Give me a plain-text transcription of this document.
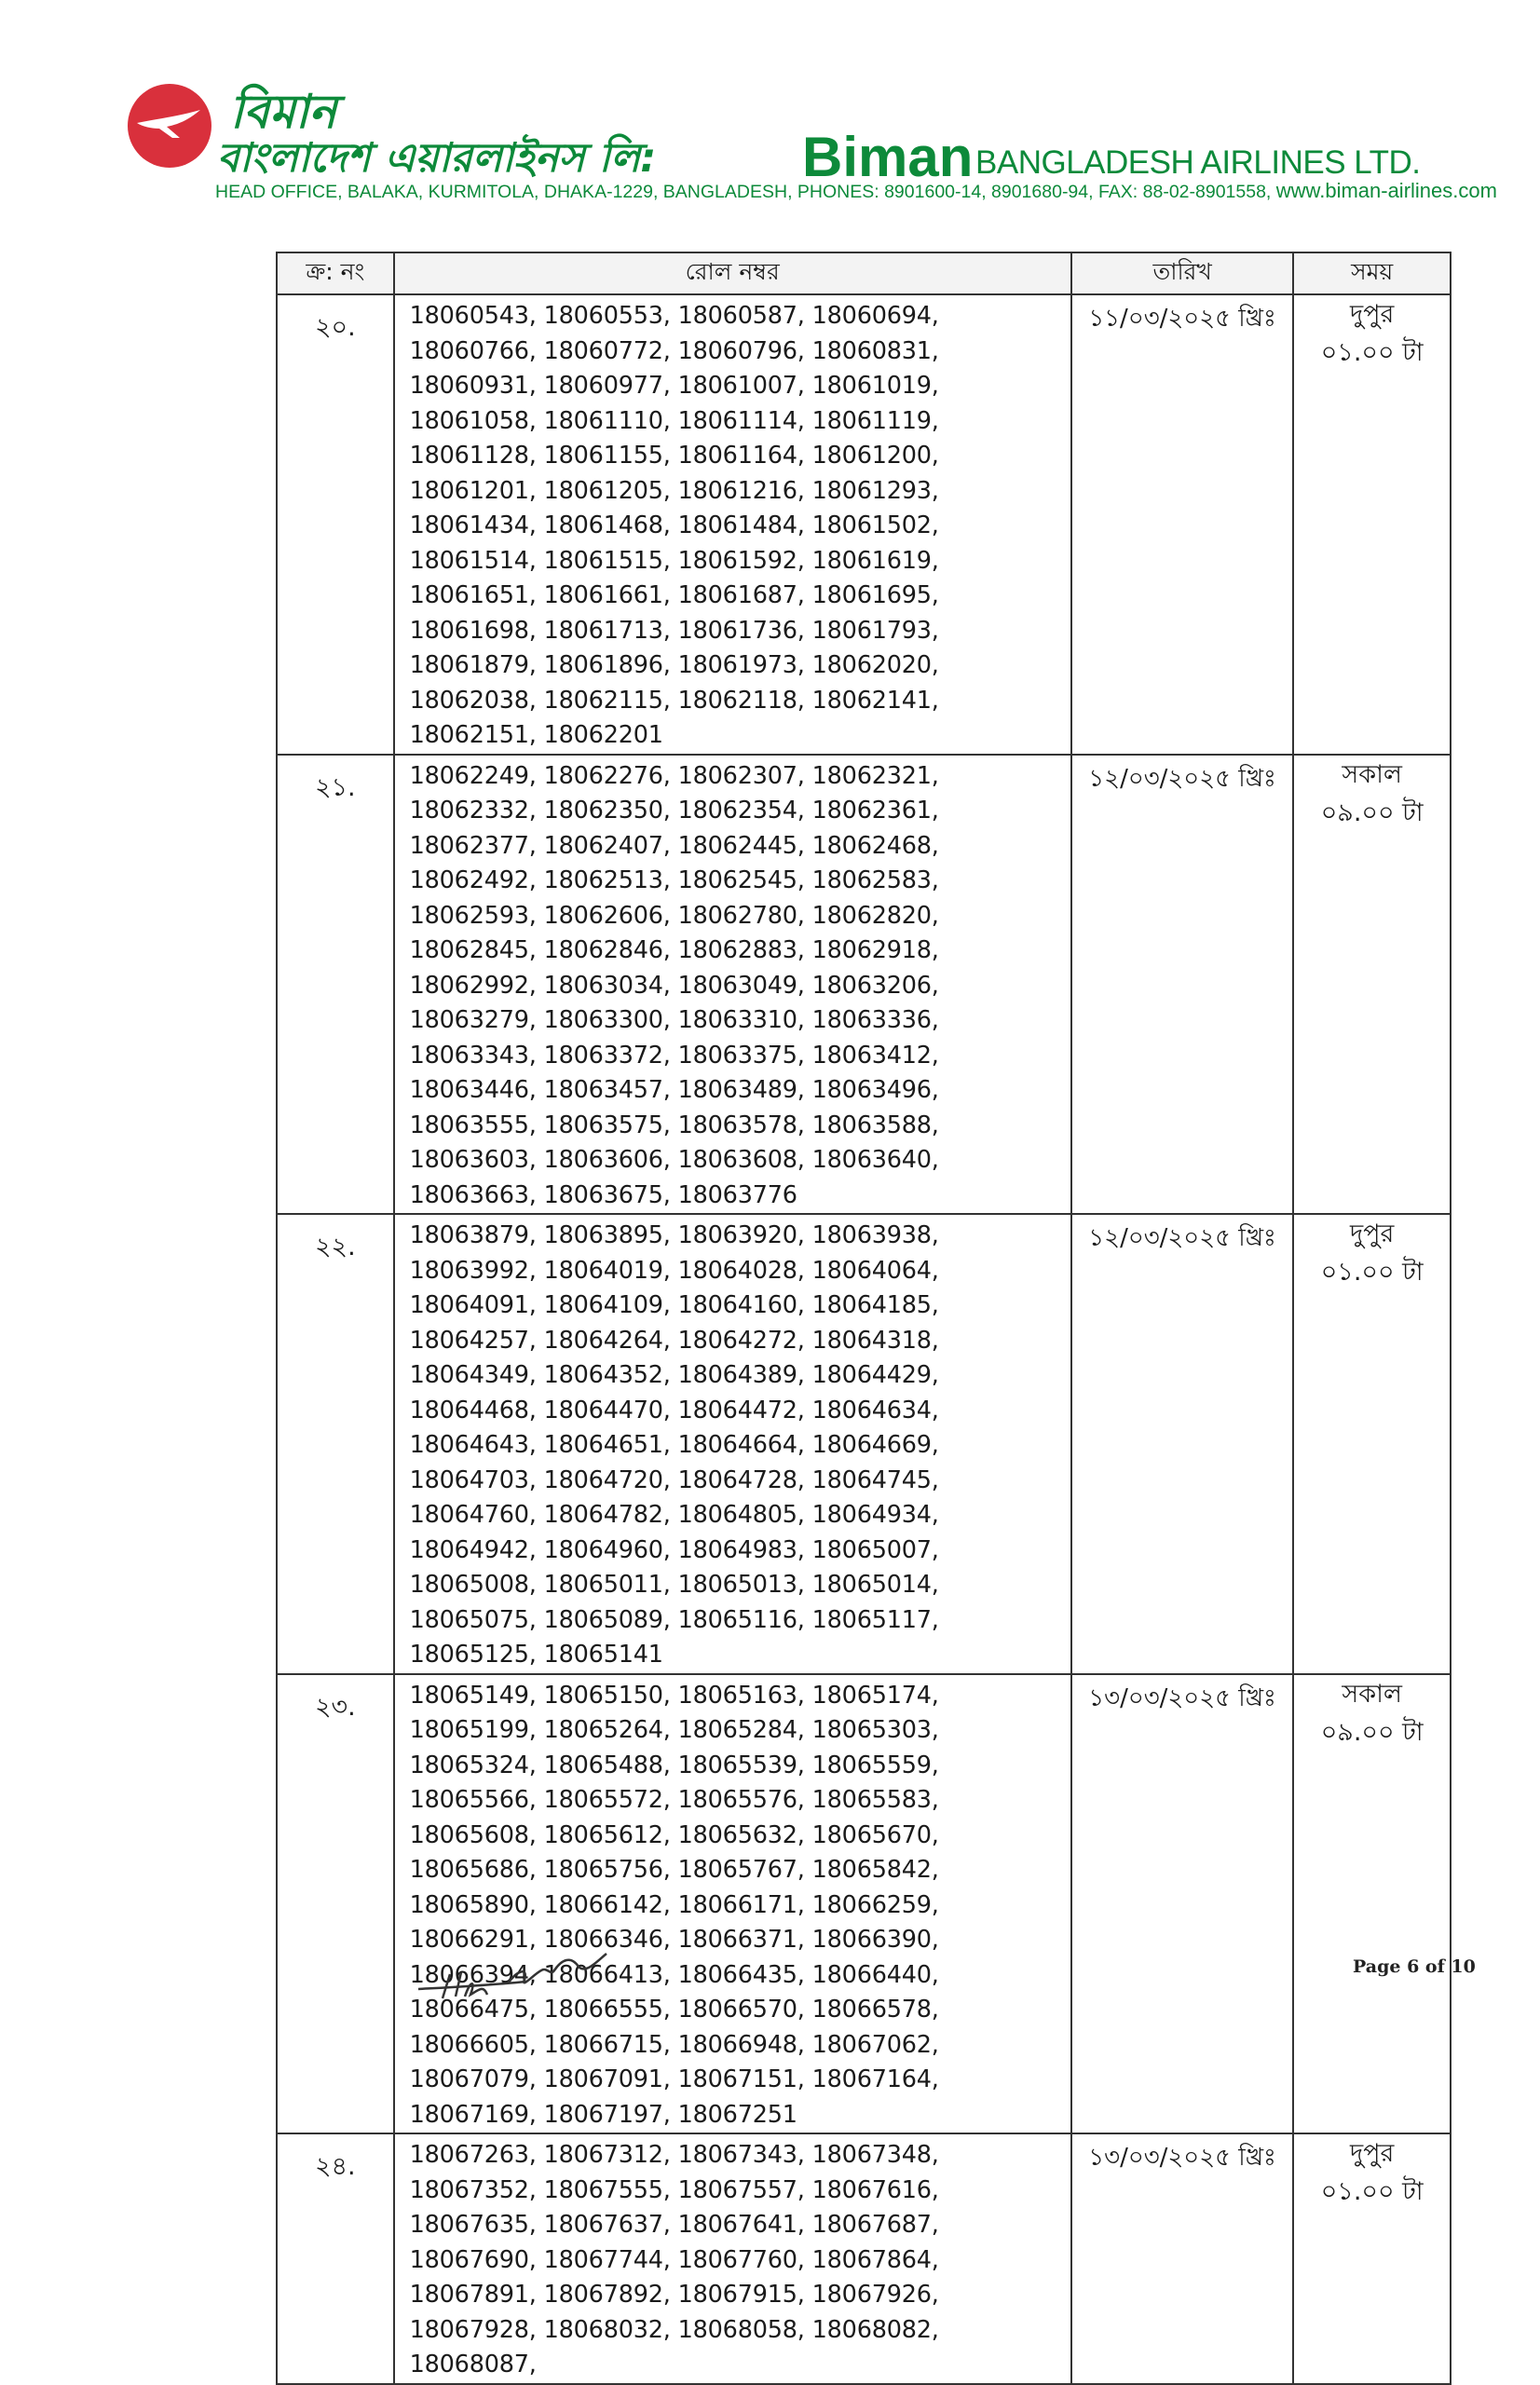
বিমান
বাংলাদেশ এয়ারলাইনস লি:	Biman BANGLADESH AIRLINES LTD.
HEAD OFFICE, BALAKA, KURMITOLA, DHAKA-1229, BANGLADESH, PHONES: 8901600-14, 8901680-94, FAX: 88-02-8901558, www.biman-airlines.com
ক্র: নং	রোল নম্বর	তারিখ	সময়
২০.	18060543, 18060553, 18060587, 18060694, 18060766, 18060772, 18060796, 18060831, 18060931, 18060977, 18061007, 18061019, 18061058, 18061110, 18061114, 18061119, 18061128, 18061155, 18061164, 18061200, 18061201, 18061205, 18061216, 18061293, 18061434, 18061468, 18061484, 18061502, 18061514, 18061515, 18061592, 18061619, 18061651, 18061661, 18061687, 18061695, 18061698, 18061713, 18061736, 18061793, 18061879, 18061896, 18061973, 18062020, 18062038, 18062115, 18062118, 18062141, 18062151, 18062201	১১/০৩/২০২৫ খ্রিঃ	দুপুর
০১.০০ টা

২১.	18062249, 18062276, 18062307, 18062321, 18062332, 18062350, 18062354, 18062361, 18062377, 18062407, 18062445, 18062468, 18062492, 18062513, 18062545, 18062583, 18062593, 18062606, 18062780, 18062820, 18062845, 18062846, 18062883, 18062918, 18062992, 18063034, 18063049, 18063206, 18063279, 18063300, 18063310, 18063336, 18063343, 18063372, 18063375, 18063412, 18063446, 18063457, 18063489, 18063496, 18063555, 18063575, 18063578, 18063588, 18063603, 18063606, 18063608, 18063640, 18063663, 18063675, 18063776	১২/০৩/২০২৫ খ্রিঃ	সকাল
০৯.০০ টা

২২.	18063879, 18063895, 18063920, 18063938, 18063992, 18064019, 18064028, 18064064, 18064091, 18064109, 18064160, 18064185, 18064257, 18064264, 18064272, 18064318, 18064349, 18064352, 18064389, 18064429, 18064468, 18064470, 18064472, 18064634, 18064643, 18064651, 18064664, 18064669, 18064703, 18064720, 18064728, 18064745, 18064760, 18064782, 18064805, 18064934, 18064942, 18064960, 18064983, 18065007, 18065008, 18065011, 18065013, 18065014, 18065075, 18065089, 18065116, 18065117, 18065125, 18065141	১২/০৩/২০২৫ খ্রিঃ	দুপুর
০১.০০ টা

২৩.	18065149, 18065150, 18065163, 18065174, 18065199, 18065264, 18065284, 18065303, 18065324, 18065488, 18065539, 18065559, 18065566, 18065572, 18065576, 18065583, 18065608, 18065612, 18065632, 18065670, 18065686, 18065756, 18065767, 18065842, 18065890, 18066142, 18066171, 18066259, 18066291, 18066346, 18066371, 18066390, 18066394, 18066413, 18066435, 18066440, 18066475, 18066555, 18066570, 18066578, 18066605, 18066715, 18066948, 18067062, 18067079, 18067091, 18067151, 18067164, 18067169, 18067197, 18067251	১৩/০৩/২০২৫ খ্রিঃ	সকাল
০৯.০০ টা

২৪.	18067263, 18067312, 18067343, 18067348, 18067352, 18067555, 18067557, 18067616, 18067635, 18067637, 18067641, 18067687, 18067690, 18067744, 18067760, 18067864, 18067891, 18067892, 18067915, 18067926, 18067928, 18068032, 18068058, 18068082, 18068087,	১৩/০৩/২০২৫ খ্রিঃ	দুপুর
০১.০০ টা
Page 6 of 10
